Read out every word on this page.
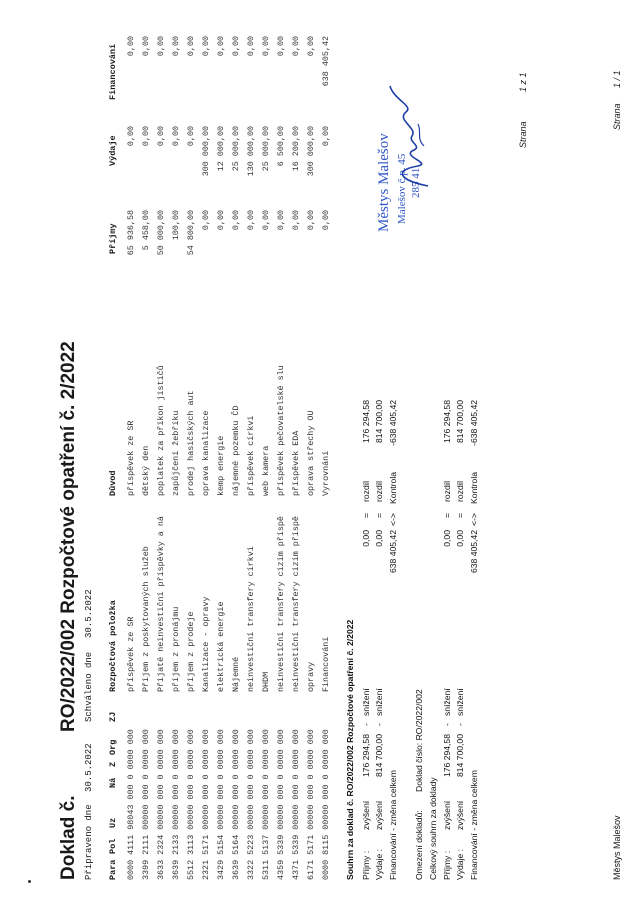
Doklad č.
RO/2022/002 Rozpočtové opatření č. 2/2022
Připraveno dne
30.5.2022
Schváleno dne
30.5.2022
Strana
1 z 1
Para
Pol
Uz
Ná
Z
Org
ZJ
Rozpočtová položka
Důvod
Příjmy
Výdaje
Financování
0000 4111 98043 000 0 0000 000
příspěvek ze SR
příspěvek ze SR
65 936,58
0,00
0,00
3399 2111 00000 000 0 0000 000
Příjem z poskytovaných služeb
dětský den
5 458,00
0,00
0,00
3633 2324 00000 000 0 0000 000
Přijaté neinvestiční příspěvky a ná
poplatek za příkon jističů
50 000,00
0,00
0,00
3639 2133 00000 000 0 0000 000
příjem z pronájmu
zapůjčení žebříku
100,00
0,00
0,00
5512 3113 00000 000 0 0000 000
příjem z prodeje
prodej hasičských aut
54 800,00
0,00
0,00
2321 5171 00000 000 0 0000 000
Kanalizace - opravy
oprava kanalizace
0,00
300 000,00
0,00
3429 5154 00000 000 0 0000 000
elektrická energie
kemp energie
0,00
12 000,00
0,00
3639 5164 00000 000 0 0000 000
Nájemné
nájemné pozemku ČD
0,00
25 000,00
0,00
3322 5223 00000 000 0 0000 000
neinvestiční transfery církvi
příspěvek církvi
0,00
130 000,00
0,00
5311 5137 00000 000 0 0000 000
DHDM
web kamera
0,00
25 000,00
0,00
4359 5339 00000 000 0 0000 000
neinvestiční transfery cizím příspě
příspěvek pečovatelské slu
0,00
6 500,00
0,00
4371 5339 00000 000 0 0000 000
neinvestiční transfery cizím příspě
příspěvek EDA
0,00
16 200,00
0,00
6171 5171 00000 000 0 0000 000
opravy
oprava střechy OU
0,00
300 000,00
0,00
0000 8115 00000 000 0 0000 000
Financování
Vyrovnání
0,00
0,00
638 405,42
Městys Malešov Malešov č.p. 45 285 41
Souhrn za doklad č. RO/2022/002 Rozpočtové opatření č. 2/2022 Příjmy :
zvýšení
176 294,58
-
snížení
0,00
=
rozdíl
176 294,58
Výdaje :
zvýšení
814 700,00
-
snížení
0,00
=
rozdíl
814 700,00
Financování - změna celkem
638 405,42
<->
Kontrola
-638 405,42
Omezení dokladů:
Doklad číslo: RO/2022/002
Celkový souhrn za doklady Příjmy :
zvýšení
176 294,58
-
snížení
0,00
=
rozdíl
176 294,58
Výdaje :
zvýšení
814 700,00
-
snížení
0,00
=
rozdíl
814 700,00
Financování - změna celkem
638 405,42
<->
Kontrola
-638 405,42
Městys Malešov
Strana
1 / 1
